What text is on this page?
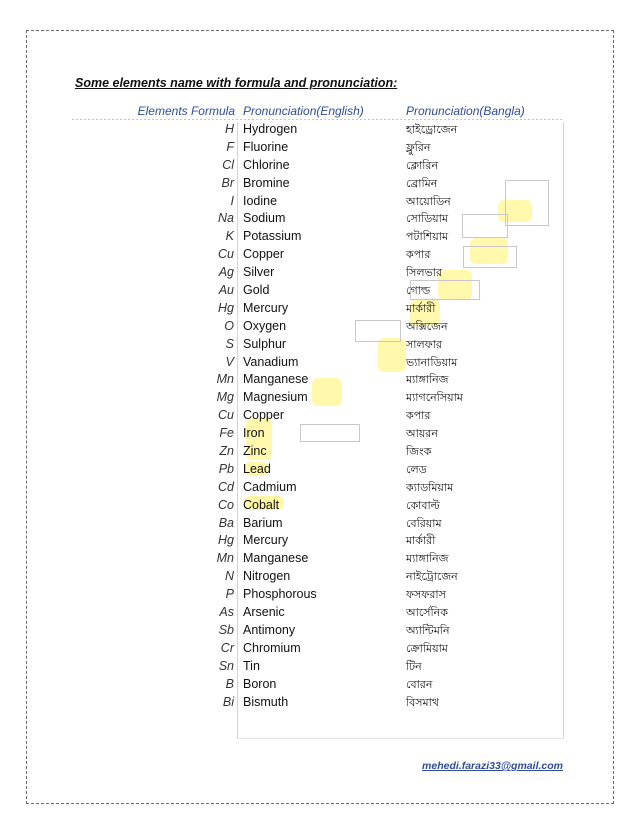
Some elements name with formula and pronunciation:
Elements Formula Pronunciation(English)	Pronunciation(Bangla)
H Hydrogen	হাইড্রোজেন
F Fluorine	ফ্লুরিন
Cl Chlorine	ক্লোরিন
Br Bromine	ব্রোমিন
I Iodine	আয়োডিন
Na Sodium	সোডিয়াম
K Potassium	পটাশিয়াম
Cu Copper	কপার
Ag Silver	সিলভার
Au Gold	গোল্ড
Hg Mercury	মার্কারী
O Oxygen	অক্সিজেন
S Sulphur	সালফার
V Vanadium	ভ্যানাডিয়াম
Mn Manganese	ম্যাঙ্গানিজ
Mg Magnesium	ম্যাগনেসিয়াম
Cu Copper	কপার
Fe Iron	আয়রন
Zn Zinc	জিংক
Pb Lead	লেড
Cd Cadmium	ক্যাডমিয়াম
Co Cobalt	কোবাল্ট
Ba Barium	বেরিয়াম
Hg Mercury	মার্কারী
Mn Manganese	ম্যাঙ্গানিজ
N Nitrogen	নাইট্রোজেন
P Phosphorous	ফসফরাস
As Arsenic	আর্সেনিক
Sb Antimony	অ্যান্টিমনি
Cr Chromium	ক্রোমিয়াম
Sn Tin	টিন
B Boron	বোরন
Bi Bismuth	বিসমাথ
mehedi.farazi33@gmail.com
